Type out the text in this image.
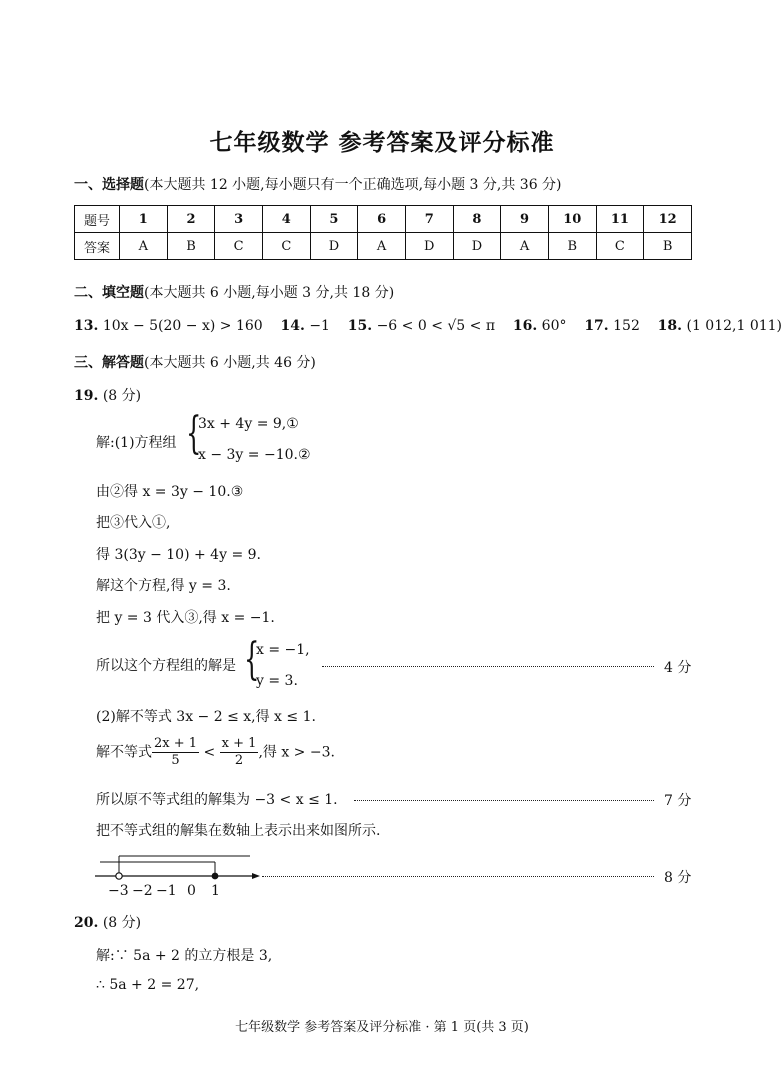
七年级数学 参考答案及评分标准
一、选择题(本大题共 12 小题,每小题只有一个正确选项,每小题 3 分,共 36 分)
题号	1	2	3	4	5	6	7	8	9	10	11	12
答案	A	B	C	C	D	A	D	D	A	B	C	B
二、填空题(本大题共 6 小题,每小题 3 分,共 18 分)
13. 10x − 5(20 − x) > 160 14. −1 15. −6 < 0 < √5 < π 16. 60° 17. 152 18. (1 012,1 011)
三、解答题(本大题共 6 小题,共 46 分)
19. (8 分)
解:(1)方程组 {
3x + 4y = 9,①
x − 3y = −10.②
由②得 x = 3y − 10.③
把③代入①,
得 3(3y − 10) + 4y = 9.
解这个方程,得 y = 3.
把 y = 3 代入③,得 x = −1.
所以这个方程组的解是 {
x = −1,
y = 3.
4 分
(2)解不等式 3x − 2 ≤ x,得 x ≤ 1.
解不等式 $\frac{2x + 1}{5} < \frac{x + 1}{2}$ ,得 x > −3.
所以原不等式组的解集为 −3 < x ≤ 1.	7 分
把不等式组的解集在数轴上表示出来如图所示.
−3 −2 −1 0 1
8 分
20. (8 分)
解:∵ 5a + 2 的立方根是 3,
∴ 5a + 2 = 27,
七年级数学 参考答案及评分标准 · 第 1 页(共 3 页)
